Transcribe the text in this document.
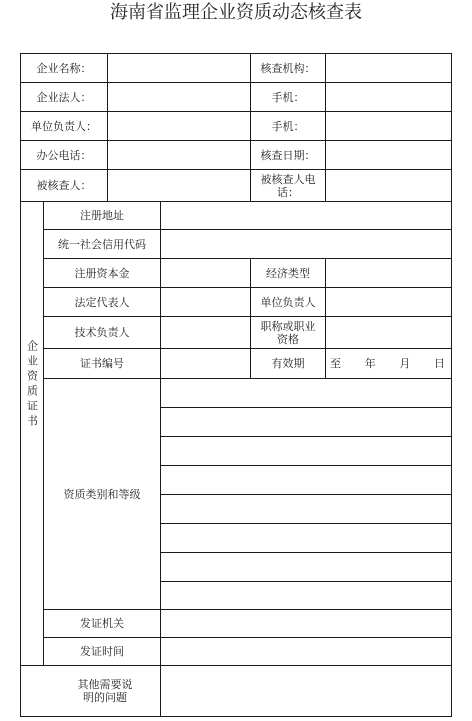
海南省监理企业资质动态核查表
企业名称：	核查机构：
企业法人：	手机：
单位负责人：	手机：
办公电话：	核查日期：
被核查人：	被核查人电话：
企业资质证书
注册地址
统一社会信用代码
注册资本金	经济类型
法定代表人	单位负责人
技术负责人	职称或职业资格
证书编号	有效期	至 年 月 日
资质类别和等级
发证机关
发证时间
其他需要说明的问题
